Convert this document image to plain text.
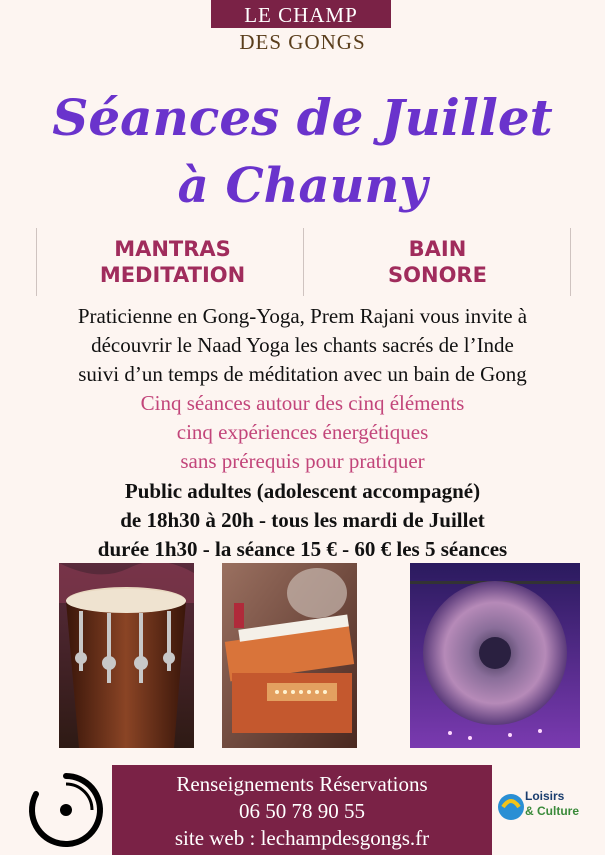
LE CHAMP
DES GONGS
Séances de Juillet
à Chauny
MANTRAS
MEDITATION
BAIN
SONORE
Praticienne en Gong-Yoga, Prem Rajani vous invite à
découvrir le Naad Yoga les chants sacrés de l’Inde
suivi d’un temps de méditation avec un bain de Gong
Cinq séances autour des cinq éléments
cinq expériences énergétiques
sans prérequis pour pratiquer
Public adultes (adolescent accompagné)
de 18h30 à 20h - tous les mardi de Juillet
durée 1h30 - la séance 15 € - 60 € les 5 séances
Renseignements Réservations
06 50 78 90 55
site web : lechampdesgongs.fr
Loisirs
& Culture
